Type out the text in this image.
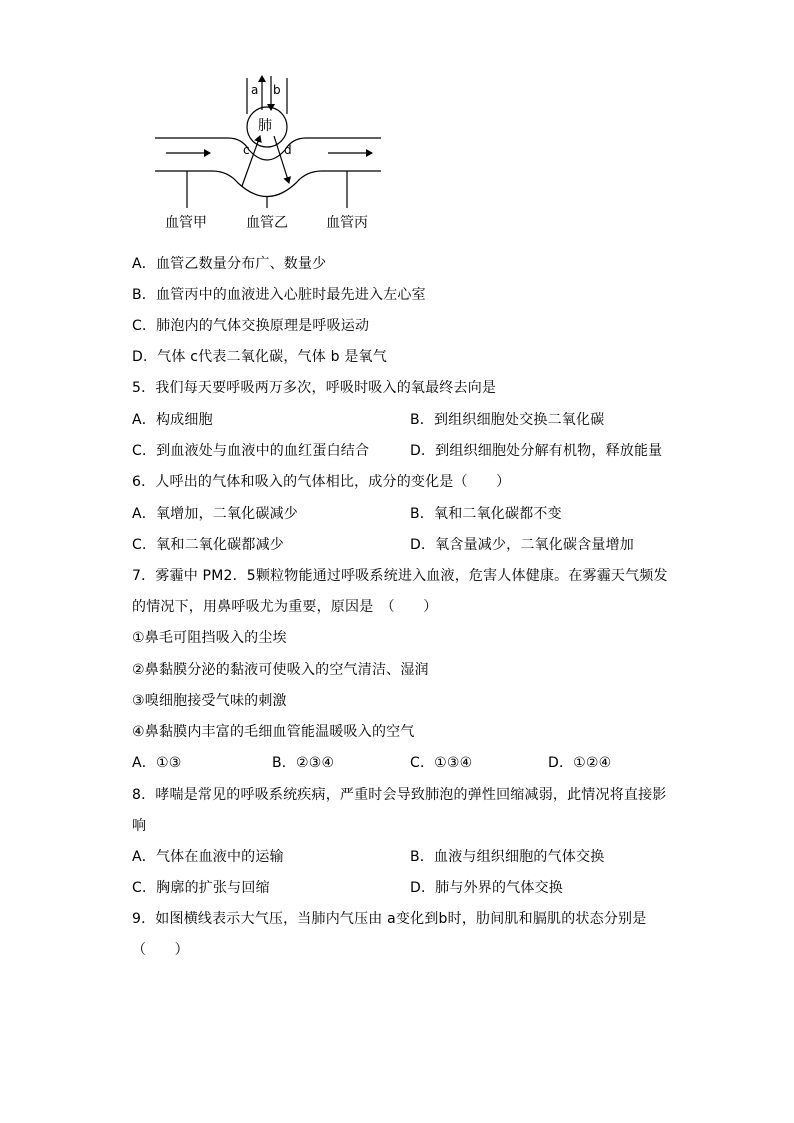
a b
肺
c	d
血管甲	血管乙	血管丙
A．血管乙数量分布广、数量少
B．血管丙中的血液进入心脏时最先进入左心室
C．肺泡内的气体交换原理是呼吸运动
D．气体 c代表二氧化碳，气体 b 是氧气
5．我们每天要呼吸两万多次，呼吸时吸入的氧最终去向是
A．构成细胞	B．到组织细胞处交换二氧化碳
C．到血液处与血液中的血红蛋白结合	D．到组织细胞处分解有机物，释放能量
6．人呼出的气体和吸入的气体相比，成分的变化是（　　）
A．氧增加，二氧化碳减少	B．氧和二氧化碳都不变
C．氧和二氧化碳都减少	D．氧含量减少，二氧化碳含量增加
7．雾霾中 PM2．5颗粒物能通过呼吸系统进入血液，危害人体健康。在雾霾天气频发
的情况下，用鼻呼吸尤为重要，原因是　（　　）
①鼻毛可阻挡吸入的尘埃
②鼻黏膜分泌的黏液可使吸入的空气清洁、湿润
③嗅细胞接受气味的刺激
④鼻黏膜内丰富的毛细血管能温暖吸入的空气
A．①③	B．②③④	C．①③④	D．①②④
8．哮喘是常见的呼吸系统疾病，严重时会导致肺泡的弹性回缩减弱，此情况将直接影
响
A．气体在血液中的运输	B．血液与组织细胞的气体交换
C．胸廓的扩张与回缩	D．肺与外界的气体交换
9．如图横线表示大气压，当肺内气压由 a变化到b时，肋间肌和膈肌的状态分别是
（　　）
